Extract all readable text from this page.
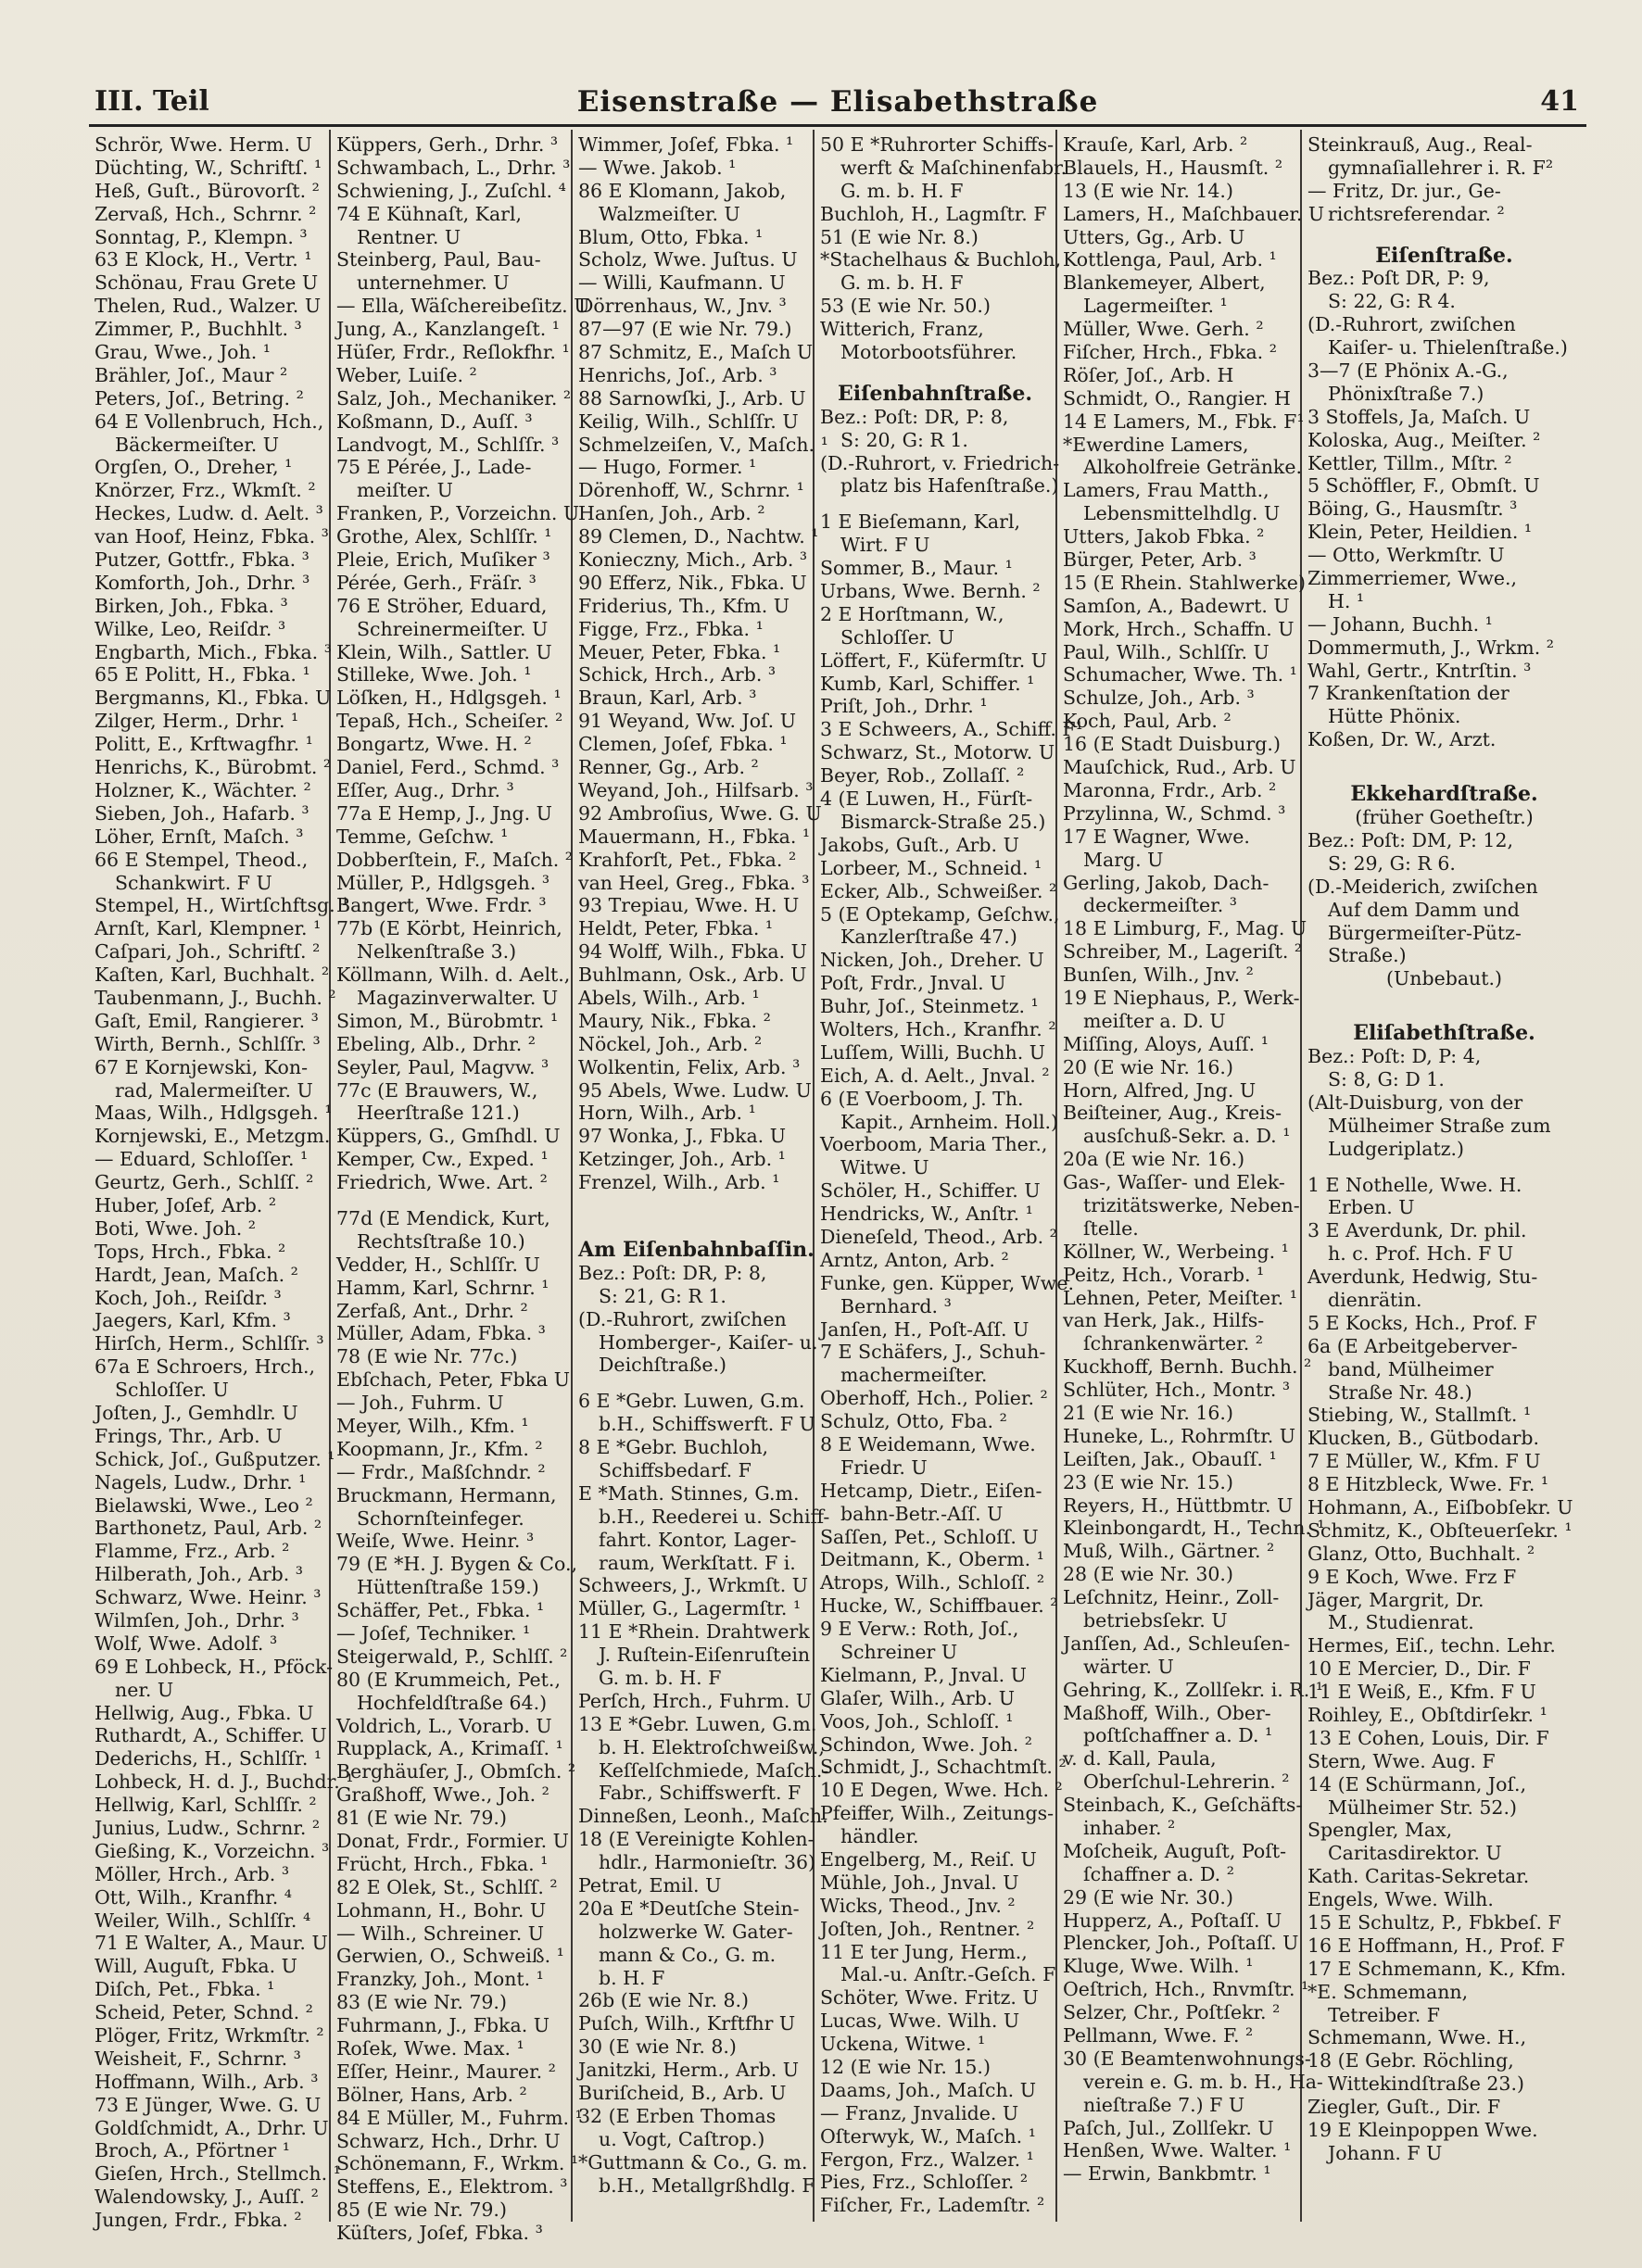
III. Teil	Eisenstraße — Elisabethstraße	41
Schrör, Wwe. Herm. U
Düchting, W., Schriftſ. ¹
Heß, Guſt., Bürovorſt. ²
Zervaß, Hch., Schrnr. ²
Sonntag, P., Klempn. ³
63 E Klock, H., Vertr. ¹
Schönau, Frau Grete U
Thelen, Rud., Walzer. U
Zimmer, P., Buchhlt. ³
Grau, Wwe., Joh. ¹
Brähler, Joſ., Maur ²
Peters, Joſ., Betring. ²
64 E Vollenbruch, Hch.,
Bäckermeiſter. U
Orgſen, O., Dreher, ¹
Knörzer, Frz., Wkmſt. ²
Heckes, Ludw. d. Aelt. ³
van Hoof, Heinz, Fbka. ³
Putzer, Gottfr., Fbka. ³
Komforth, Joh., Drhr. ³
Birken, Joh., Fbka. ³
Wilke, Leo, Reiſdr. ³
Engbarth, Mich., Fbka. ³
65 E Politt, H., Fbka. ¹
Bergmanns, Kl., Fbka. U
Zilger, Herm., Drhr. ¹
Politt, E., Krftwagfhr. ¹
Henrichs, K., Bürobmt. ²
Holzner, K., Wächter. ²
Sieben, Joh., Hafarb. ³
Löher, Ernſt, Maſch. ³
66 E Stempel, Theod.,
Schankwirt. F U
Stempel, H., Wirtſchftsg. ¹
Arnſt, Karl, Klempner. ¹
Caſpari, Joh., Schriftſ. ²
Kaſten, Karl, Buchhalt. ²
Taubenmann, J., Buchh. ²
Gaſt, Emil, Rangierer. ³
Wirth, Bernh., Schlſſr. ³
67 E Kornjewski, Kon-
rad, Malermeiſter. U
Maas, Wilh., Hdlgsgeh. ¹
Kornjewski, E., Metzgm. ¹
— Eduard, Schloſſer. ¹
Geurtz, Gerh., Schlſſ. ²
Huber, Joſef, Arb. ²
Boti, Wwe. Joh. ²
Tops, Hrch., Fbka. ²
Hardt, Jean, Maſch. ²
Koch, Joh., Reiſdr. ³
Jaegers, Karl, Kfm. ³
Hirſch, Herm., Schlſſr. ³
67a E Schroers, Hrch.,
Schloſſer. U
Joſten, J., Gemhdlr. U
Frings, Thr., Arb. U
Schick, Joſ., Gußputzer. ¹
Nagels, Ludw., Drhr. ¹
Bielawski, Wwe., Leo ²
Barthonetz, Paul, Arb. ²
Flamme, Frz., Arb. ²
Hilberath, Joh., Arb. ³
Schwarz, Wwe. Heinr. ³
Wilmſen, Joh., Drhr. ³
Wolf, Wwe. Adolf. ³
69 E Lohbeck, H., Pföck-
ner. U
Hellwig, Aug., Fbka. U
Ruthardt, A., Schiffer. U
Dederichs, H., Schlſſr. ¹
Lohbeck, H. d. J., Buchdr. ¹
Hellwig, Karl, Schlſſr. ²
Junius, Ludw., Schrnr. ²
Gießing, K., Vorzeichn. ³
Möller, Hrch., Arb. ³
Ott, Wilh., Kranfhr. ⁴
Weiler, Wilh., Schlſſr. ⁴
71 E Walter, A., Maur. U
Will, Auguſt, Fbka. U
Diſch, Pet., Fbka. ¹
Scheid, Peter, Schnd. ²
Plöger, Fritz, Wrkmſtr. ²
Weisheit, F., Schrnr. ³
Hoffmann, Wilh., Arb. ³
73 E Jünger, Wwe. G. U
Goldſchmidt, A., Drhr. U
Broch, A., Pförtner ¹
Gieſen, Hrch., Stellmch. ¹
Walendowsky, J., Auſſ. ²
Jungen, Frdr., Fbka. ²
Küppers, Gerh., Drhr. ³
Schwambach, L., Drhr. ³
Schwiening, J., Zuſchl. ⁴
74 E Kühnaſt, Karl,
Rentner. U
Steinberg, Paul, Bau-
unternehmer. U
— Ella, Wäſchereibeſitz. U
Jung, A., Kanzlangeſt. ¹
Hüſer, Frdr., Reſlokfhr. ¹
Weber, Luiſe. ²
Salz, Joh., Mechaniker. ²
Koßmann, D., Auſſ. ³
Landvogt, M., Schlſſr. ³
75 E Pérée, J., Lade-
meiſter. U
Franken, P., Vorzeichn. U
Grothe, Alex, Schlſſr. ¹
Pleie, Erich, Muſiker ³
Pérée, Gerh., Fräſr. ³
76 E Ströher, Eduard,
Schreinermeiſter. U
Klein, Wilh., Sattler. U
Stilleke, Wwe. Joh. ¹
Löſken, H., Hdlgsgeh. ¹
Tepaß, Hch., Scheiſer. ²
Bongartz, Wwe. H. ²
Daniel, Ferd., Schmd. ³
Eſſer, Aug., Drhr. ³
77a E Hemp, J., Jng. U
Temme, Geſchw. ¹
Dobberſtein, F., Maſch. ²
Müller, P., Hdlgsgeh. ³
Bangert, Wwe. Frdr. ³
77b (E Körbt, Heinrich,
Nelkenſtraße 3.)
Köllmann, Wilh. d. Aelt.,
Magazinverwalter. U
Simon, M., Bürobmtr. ¹
Ebeling, Alb., Drhr. ²
Seyler, Paul, Magvw. ³
77c (E Brauwers, W.,
Heerſtraße 121.)
Küppers, G., Gmſhdl. U
Kemper, Cw., Exped. ¹
Friedrich, Wwe. Art. ²
77d (E Mendick, Kurt,
Rechtsſtraße 10.)
Vedder, H., Schlſſr. U
Hamm, Karl, Schrnr. ¹
Zerfaß, Ant., Drhr. ²
Müller, Adam, Fbka. ³
78 (E wie Nr. 77c.)
Ebſchach, Peter, Fbka U
— Joh., Fuhrm. U
Meyer, Wilh., Kfm. ¹
Koopmann, Jr., Kfm. ²
— Frdr., Maßſchndr. ²
Bruckmann, Hermann,
Schornſteinfeger.
Weiſe, Wwe. Heinr. ³
79 (E *H. J. Bygen & Co.,
Hüttenſtraße 159.)
Schäffer, Pet., Fbka. ¹
— Joſef, Techniker. ¹
Steigerwald, P., Schlſſ. ²
80 (E Krummeich, Pet.,
Hochfeldſtraße 64.)
Voldrich, L., Vorarb. U
Rupplack, A., Krimaſſ. ¹
Berghäuſer, J., Obmſch. ²
Graßhoff, Wwe., Joh. ²
81 (E wie Nr. 79.)
Donat, Frdr., Formier. U
Frücht, Hrch., Fbka. ¹
82 E Olek, St., Schlſſ. ²
Lohmann, H., Bohr. U
— Wilh., Schreiner. U
Gerwien, O., Schweiß. ¹
Franzky, Joh., Mont. ¹
83 (E wie Nr. 79.)
Fuhrmann, J., Fbka. U
Roſek, Wwe. Max. ¹
Eſſer, Heinr., Maurer. ²
Bölner, Hans, Arb. ²
84 E Müller, M., Fuhrm. ¹
Schwarz, Hch., Drhr. U
Schönemann, F., Wrkm. ¹
Steffens, E., Elektrom. ³
85 (E wie Nr. 79.)
Küſters, Joſef, Fbka. ³
Wimmer, Joſef, Fbka. ¹
— Wwe. Jakob. ¹
86 E Klomann, Jakob,
Walzmeiſter. U
Blum, Otto, Fbka. ¹
Scholz, Wwe. Juſtus. U
— Willi, Kaufmann. U
Dörrenhaus, W., Jnv. ³
87—97 (E wie Nr. 79.)
87 Schmitz, E., Maſch U
Henrichs, Joſ., Arb. ³
88 Sarnowſki, J., Arb. U
Keilig, Wilh., Schlſſr. U
Schmelzeiſen, V., Maſch. ¹
— Hugo, Former. ¹
Dörenhoff, W., Schrnr. ¹
Hanſen, Joh., Arb. ²
89 Clemen, D., Nachtw. ¹
Konieczny, Mich., Arb. ³
90 Efferz, Nik., Fbka. U
Friderius, Th., Kfm. U
Figge, Frz., Fbka. ¹
Meuer, Peter, Fbka. ¹
Schick, Hrch., Arb. ³
Braun, Karl, Arb. ³
91 Weyand, Ww. Joſ. U
Clemen, Joſef, Fbka. ¹
Renner, Gg., Arb. ²
Weyand, Joh., Hilfsarb. ³
92 Ambroſius, Wwe. G. U
Mauermann, H., Fbka. ¹
Krahforſt, Pet., Fbka. ²
van Heel, Greg., Fbka. ³
93 Trepiau, Wwe. H. U
Heldt, Peter, Fbka. ¹
94 Wolff, Wilh., Fbka. U
Buhlmann, Osk., Arb. U
Abels, Wilh., Arb. ¹
Maury, Nik., Fbka. ²
Nöckel, Joh., Arb. ²
Wolkentin, Felix, Arb. ³
95 Abels, Wwe. Ludw. U
Horn, Wilh., Arb. ¹
97 Wonka, J., Fbka. U
Ketzinger, Joh., Arb. ¹
Frenzel, Wilh., Arb. ¹
Am Eiſenbahnbaſſin.
Bez.: Poſt: DR, P: 8,
S: 21, G: R 1.
(D.-Ruhrort, zwiſchen
Homberger-, Kaiſer- u.
Deichſtraße.)
6 E *Gebr. Luwen, G.m.
b.H., Schiffswerft. F U
8 E *Gebr. Buchloh,
Schiffsbedarf. F
E *Math. Stinnes, G.m.
b.H., Reederei u. Schiff-
fahrt. Kontor, Lager-
raum, Werkſtatt. F i.
Schweers, J., Wrkmſt. U
Müller, G., Lagermſtr. ¹
11 E *Rhein. Drahtwerk
J. Ruſtein-Eiſenruſtein
G. m. b. H. F
Perſch, Hrch., Fuhrm. U
13 E *Gebr. Luwen, G.m.
b. H. Elektroſchweißw.,
Keſſelſchmiede, Maſch.-
Fabr., Schiffswerft. F
Dinneßen, Leonh., Maſch.
18 (E Vereinigte Kohlen-
hdlr., Harmonieſtr. 36)
Petrat, Emil. U
20a E *Deutſche Stein-
holzwerke W. Gater-
mann & Co., G. m.
b. H. F
26b (E wie Nr. 8.)
Puſch, Wilh., Krftfhr U
30 (E wie Nr. 8.)
Janitzki, Herm., Arb. U
Buriſcheid, B., Arb. U
32 (E Erben Thomas
u. Vogt, Caſtrop.)
*Guttmann & Co., G. m.
b.H., Metallgrßhdlg. F
50 E *Ruhrorter Schiffs-
werft & Maſchinenfabr.
G. m. b. H. F
Buchloh, H., Lagmſtr. F
51 (E wie Nr. 8.)
*Stachelhaus & Buchloh,
G. m. b. H. F
53 (E wie Nr. 50.)
Witterich, Franz,
Motorbootsführer.
Eiſenbahnſtraße.
Bez.: Poſt: DR, P: 8,
S: 20, G: R 1.
(D.-Ruhrort, v. Friedrich-
platz bis Hafenſtraße.)
1 E Bieſemann, Karl,
Wirt. F U
Sommer, B., Maur. ¹
Urbans, Wwe. Bernh. ²
2 E Horſtmann, W.,
Schloſſer. U
Löffert, F., Küfermſtr. U
Kumb, Karl, Schiffer. ¹
Priſt, Joh., Drhr. ¹
3 E Schweers, A., Schiff. F¹
Schwarz, St., Motorw. U
Beyer, Rob., Zollaſſ. ²
4 (E Luwen, H., Fürſt-
Bismarck-Straße 25.)
Jakobs, Guſt., Arb. U
Lorbeer, M., Schneid. ¹
Ecker, Alb., Schweißer. ²
5 (E Optekamp, Geſchw.,
Kanzlerſtraße 47.)
Nicken, Joh., Dreher. U
Poſt, Frdr., Jnval. U
Buhr, Joſ., Steinmetz. ¹
Wolters, Hch., Kranfhr. ²
Luſſem, Willi, Buchh. U
Eich, A. d. Aelt., Jnval. ²
6 (E Voerboom, J. Th.
Kapit., Arnheim. Holl.)
Voerboom, Maria Ther.,
Witwe. U
Schöler, H., Schiffer. U
Hendricks, W., Anſtr. ¹
Dieneſeld, Theod., Arb. ²
Arntz, Anton, Arb. ²
Funke, gen. Küpper, Wwe.
Bernhard. ³
Janſen, H., Poſt-Aſſ. U
7 E Schäfers, J., Schuh-
machermeiſter.
Oberhoff, Hch., Polier. ²
Schulz, Otto, Fba. ²
8 E Weidemann, Wwe.
Friedr. U
Hetcamp, Dietr., Eiſen-
bahn-Betr.-Aſſ. U
Saſſen, Pet., Schloſſ. U
Deitmann, K., Oberm. ¹
Atrops, Wilh., Schloſſ. ²
Hucke, W., Schiffbauer. ²
9 E Verw.: Roth, Joſ.,
Schreiner U
Kielmann, P., Jnval. U
Glaſer, Wilh., Arb. U
Voos, Joh., Schloſſ. ¹
Schindon, Wwe. Joh. ²
Schmidt, J., Schachtmſt. ²
10 E Degen, Wwe. Hch. ²
Pfeiffer, Wilh., Zeitungs-
händler.
Engelberg, M., Reiſ. U
Mühle, Joh., Jnval. U
Wicks, Theod., Jnv. ²
Joſten, Joh., Rentner. ²
11 E ter Jung, Herm.,
Mal.-u. Anſtr.-Geſch. F
Schöter, Wwe. Fritz. U
Lucas, Wwe. Wilh. U
Uckena, Witwe. ¹
12 (E wie Nr. 15.)
Daams, Joh., Maſch. U
— Franz, Jnvalide. U
Oſterwyk, W., Maſch. ¹
Fergon, Frz., Walzer. ¹
Pies, Frz., Schloſſer. ²
Fiſcher, Fr., Lademſtr. ²
Krauſe, Karl, Arb. ²
Blauels, H., Hausmſt. ²
13 (E wie Nr. 14.)
Lamers, H., Maſchbauer. U
Utters, Gg., Arb. U
Kottlenga, Paul, Arb. ¹
Blankemeyer, Albert,
Lagermeiſter. ¹
Müller, Wwe. Gerh. ²
Fiſcher, Hrch., Fbka. ²
Röſer, Joſ., Arb. H
Schmidt, O., Rangier. H
14 E Lamers, M., Fbk. F¹
*Ewerdine Lamers,
Alkoholfreie Getränke.
Lamers, Frau Matth.,
Lebensmittelhdlg. U
Utters, Jakob Fbka. ²
Bürger, Peter, Arb. ³
15 (E Rhein. Stahlwerke)
Samſon, A., Badewrt. U
Mork, Hrch., Schaffn. U
Paul, Wilh., Schlſſr. U
Schumacher, Wwe. Th. ¹
Schulze, Joh., Arb. ³
Koch, Paul, Arb. ²
16 (E Stadt Duisburg.)
Mauſchick, Rud., Arb. U
Maronna, Frdr., Arb. ²
Przylinna, W., Schmd. ³
17 E Wagner, Wwe.
Marg. U
Gerling, Jakob, Dach-
deckermeiſter. ³
18 E Limburg, F., Mag. U
Schreiber, M., Lageriſt. ²
Bunſen, Wilh., Jnv. ²
19 E Niephaus, P., Werk-
meiſter a. D. U
Miſſing, Aloys, Auſſ. ¹
20 (E wie Nr. 16.)
Horn, Alfred, Jng. U
Beiſteiner, Aug., Kreis-
ausſchuß-Sekr. a. D. ¹
20a (E wie Nr. 16.)
Gas-, Waſſer- und Elek-
trizitätswerke, Neben-
ſtelle.
Köllner, W., Werbeing. ¹
Peitz, Hch., Vorarb. ¹
Lehnen, Peter, Meiſter. ¹
van Herk, Jak., Hilfs-
ſchrankenwärter. ²
Kuckhoff, Bernh. Buchh. ²
Schlüter, Hch., Montr. ³
21 (E wie Nr. 16.)
Huneke, L., Rohrmſtr. U
Leiſten, Jak., Obauſſ. ¹
23 (E wie Nr. 15.)
Reyers, H., Hüttbmtr. U
Kleinbongardt, H., Techn. ¹
Muß, Wilh., Gärtner. ²
28 (E wie Nr. 30.)
Leſchnitz, Heinr., Zoll-
betriebsſekr. U
Janſſen, Ad., Schleuſen-
wärter. U
Gehring, K., Zollſekr. i. R. ¹
Maßhoff, Wilh., Ober-
poſtſchaffner a. D. ¹
v. d. Kall, Paula,
Oberſchul-Lehrerin. ²
Steinbach, K., Geſchäfts-
inhaber. ²
Moſcheik, Auguſt, Poſt-
ſchaffner a. D. ²
29 (E wie Nr. 30.)
Hupperz, A., Poſtaſſ. U
Plencker, Joh., Poſtaſſ. U
Kluge, Wwe. Wilh. ¹
Oeſtrich, Hch., Rnvmſtr. ¹
Selzer, Chr., Poſtſekr. ²
Pellmann, Wwe. F. ²
30 (E Beamtenwohnungs-
verein e. G. m. b. H., Ha-
nieſtraße 7.) F U
Paſch, Jul., Zollſekr. U
Henßen, Wwe. Walter. ¹
— Erwin, Bankbmtr. ¹
Steinkrauß, Aug., Real-
gymnaſiallehrer i. R. F²
— Fritz, Dr. jur., Ge-
richtsreferendar. ²
Eiſenſtraße.
Bez.: Poſt DR, P: 9,
S: 22, G: R 4.
(D.-Ruhrort, zwiſchen
Kaiſer- u. Thielenſtraße.)
3—7 (E Phönix A.-G.,
Phönixſtraße 7.)
3 Stoffels, Ja, Maſch. U
Koloska, Aug., Meiſter. ²
Kettler, Tillm., Mſtr. ²
5 Schöffler, F., Obmſt. U
Böing, G., Hausmſtr. ³
Klein, Peter, Heildien. ¹
— Otto, Werkmſtr. U
Zimmerriemer, Wwe.,
H. ¹
— Johann, Buchh. ¹
Dommermuth, J., Wrkm. ²
Wahl, Gertr., Kntrſtin. ³
7 Krankenſtation der
Hütte Phönix.
Koßen, Dr. W., Arzt.
Ekkehardſtraße.
(früher Goetheſtr.)
Bez.: Poſt: DM, P: 12,
S: 29, G: R 6.
(D.-Meiderich, zwiſchen
Auf dem Damm und
Bürgermeiſter-Pütz-
Straße.)
(Unbebaut.)
Eliſabethſtraße.
Bez.: Poſt: D, P: 4,
S: 8, G: D 1.
(Alt-Duisburg, von der
Mülheimer Straße zum
Ludgeriplatz.)
1 E Nothelle, Wwe. H.
Erben. U
3 E Averdunk, Dr. phil.
h. c. Prof. Hch. F U
Averdunk, Hedwig, Stu-
dienrätin.
5 E Kocks, Hch., Prof. F
6a (E Arbeitgeberver-
band, Mülheimer
Straße Nr. 48.)
Stiebing, W., Stallmſt. ¹
Klucken, B., Gütbodarb.
7 E Müller, W., Kfm. F U
8 E Hitzbleck, Wwe. Fr. ¹
Hohmann, A., Eiſbobſekr. U
Schmitz, K., Obſteuerſekr. ¹
Glanz, Otto, Buchhalt. ²
9 E Koch, Wwe. Frz F
Jäger, Margrit, Dr.
M., Studienrat.
Hermes, Eiſ., techn. Lehr.
10 E Mercier, D., Dir. F
11 E Weiß, E., Kfm. F U
Roihley, E., Obſtdirſekr. ¹
13 E Cohen, Louis, Dir. F
Stern, Wwe. Aug. F
14 (E Schürmann, Joſ.,
Mülheimer Str. 52.)
Spengler, Max,
Caritasdirektor. U
Kath. Caritas-Sekretar.
Engels, Wwe. Wilh.
15 E Schultz, P., Fbkbeſ. F
16 E Hoffmann, H., Prof. F
17 E Schmemann, K., Kfm.
*E. Schmemann,
Tetreiber. F
Schmemann, Wwe. H.,
18 (E Gebr. Röchling,
Wittekindſtraße 23.)
Ziegler, Guſt., Dir. F
19 E Kleinpoppen Wwe.
Johann. F U
